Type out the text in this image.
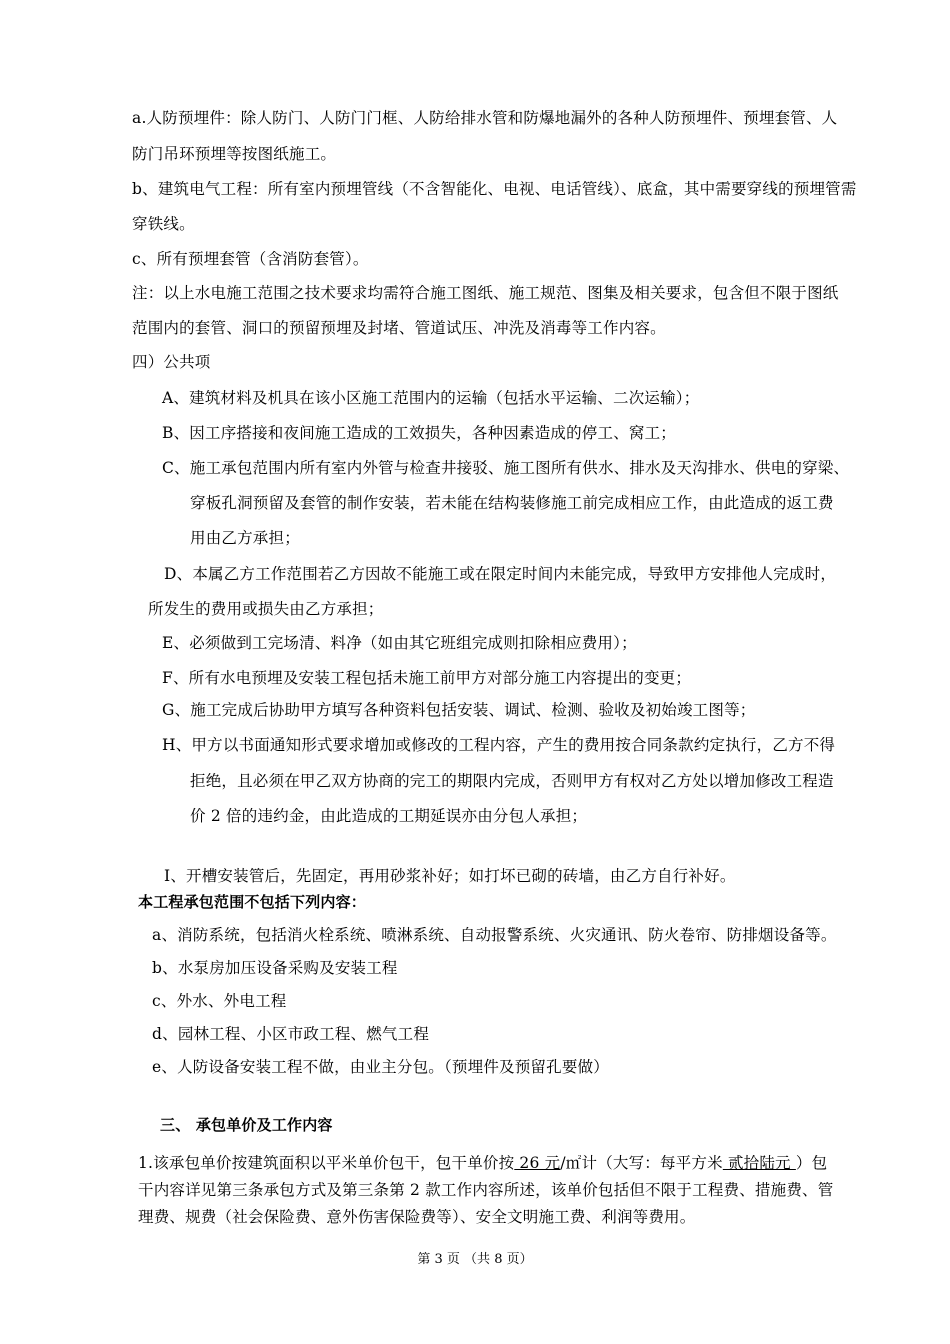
a.人防预埋件：除人防门、人防门门框、人防给排水管和防爆地漏外的各种人防预埋件、预埋套管、人
防门吊环预埋等按图纸施工。
b、建筑电气工程：所有室内预埋管线（不含智能化、电视、电话管线）、底盒，其中需要穿线的预埋管需
穿铁线。
c、所有预埋套管（含消防套管）。
注：以上水电施工范围之技术要求均需符合施工图纸、施工规范、图集及相关要求，包含但不限于图纸
范围内的套管、洞口的预留预埋及封堵、管道试压、冲洗及消毒等工作内容。
四）公共项
A、建筑材料及机具在该小区施工范围内的运输（包括水平运输、二次运输）；
B、因工序搭接和夜间施工造成的工效损失，各种因素造成的停工、窝工；
C、施工承包范围内所有室内外管与检查井接驳、施工图所有供水、排水及天沟排水、供电的穿梁、
穿板孔洞预留及套管的制作安装，若未能在结构装修施工前完成相应工作，由此造成的返工费
用由乙方承担；
D、本属乙方工作范围若乙方因故不能施工或在限定时间内未能完成，导致甲方安排他人完成时，
所发生的费用或损失由乙方承担；
E、必须做到工完场清、料净（如由其它班组完成则扣除相应费用）；
F、所有水电预埋及安装工程包括未施工前甲方对部分施工内容提出的变更；
G、施工完成后协助甲方填写各种资料包括安装、调试、检测、验收及初始竣工图等；
H、甲方以书面通知形式要求增加或修改的工程内容，产生的费用按合同条款约定执行，乙方不得
拒绝，且必须在甲乙双方协商的完工的期限内完成，否则甲方有权对乙方处以增加修改工程造
价 2 倍的违约金，由此造成的工期延误亦由分包人承担；
I、开槽安装管后，先固定，再用砂浆补好；如打坏已砌的砖墙，由乙方自行补好。
本工程承包范围不包括下列内容：
a、消防系统，包括消火栓系统、喷淋系统、自动报警系统、火灾通讯、防火卷帘、防排烟设备等。
b、水泵房加压设备采购及安装工程
c、外水、外电工程
d、园林工程、小区市政工程、燃气工程
e、人防设备安装工程不做，由业主分包。（预埋件及预留孔要做）
三、 承包单价及工作内容
1.该承包单价按建筑面积以平米单价包干，包干单价按 26 元/㎡计（大写：每平方米 贰拾陆元 ）包
干内容详见第三条承包方式及第三条第 2 款工作内容所述，该单价包括但不限于工程费、措施费、管
理费、规费（社会保险费、意外伤害保险费等）、安全文明施工费、利润等费用。
第 3 页 （共 8 页）
